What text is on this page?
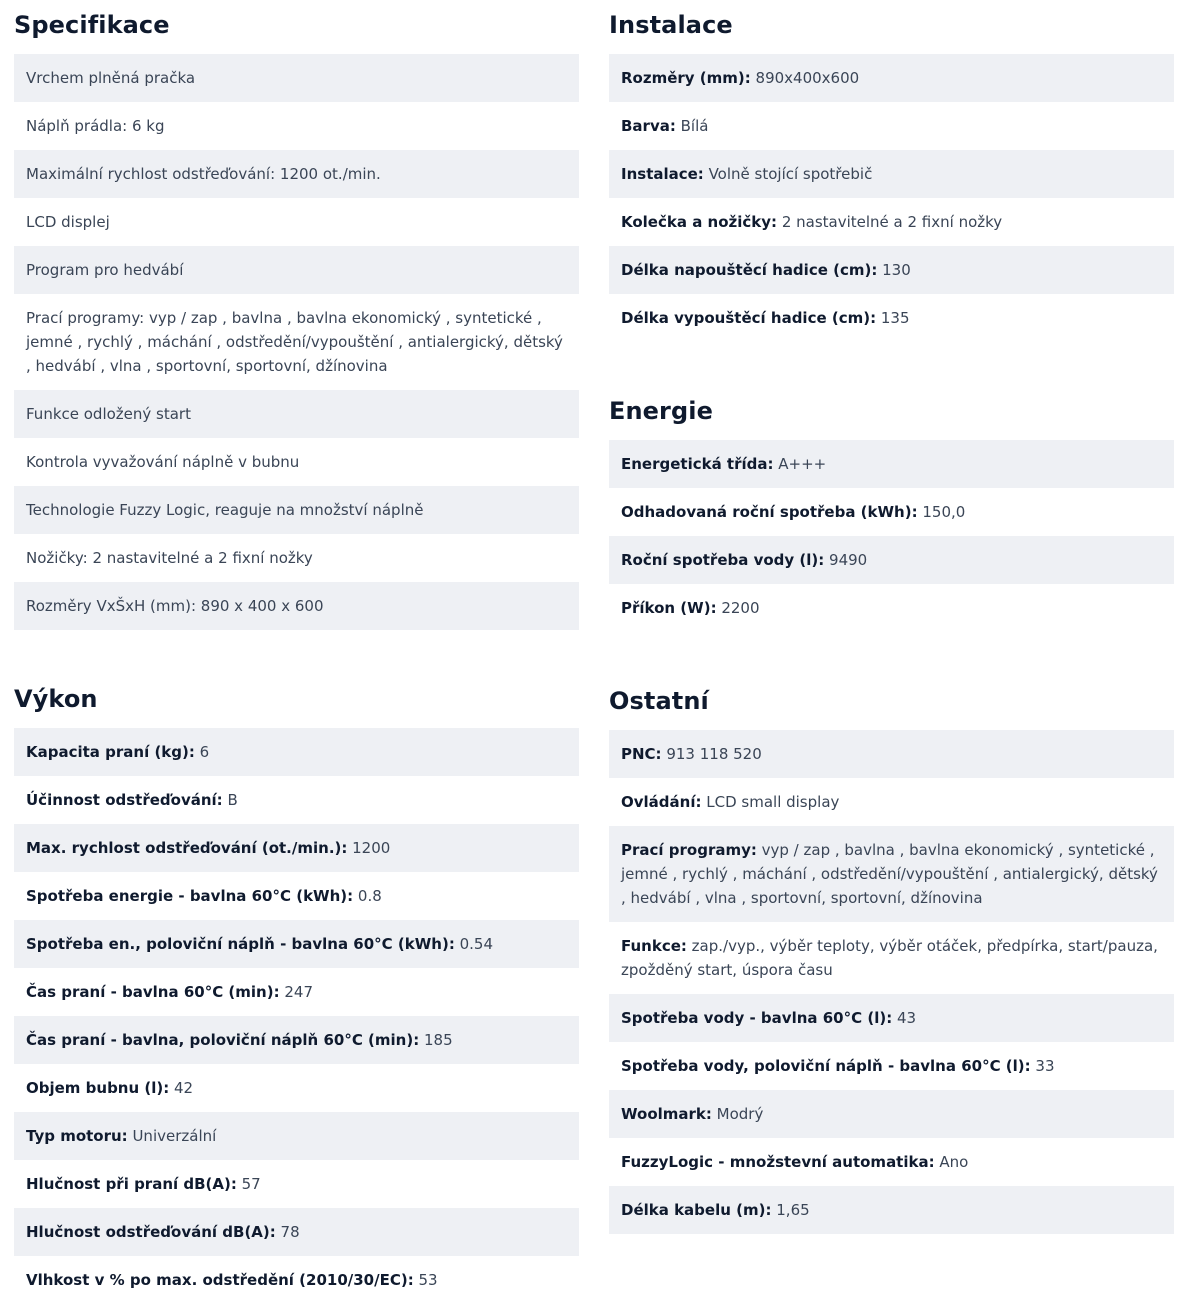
Specifikace
Vrchem plněná pračka
Náplň prádla: 6 kg
Maximální rychlost odstřeďování: 1200 ot./min.
LCD displej
Program pro hedvábí
Prací programy: vyp / zap , bavlna , bavlna ekonomický , syntetické , jemné , rychlý , máchání , odstředění/vypouštění , antialergický, dětský , hedvábí , vlna , sportovní, sportovní, džínovina
Funkce odložený start
Kontrola vyvažování náplně v bubnu
Technologie Fuzzy Logic, reaguje na množství náplně
Nožičky: 2 nastavitelné a 2 fixní nožky
Rozměry VxŠxH (mm): 890 x 400 x 600
Výkon
Kapacita praní (kg): 6
Účinnost odstřeďování: B
Max. rychlost odstřeďování (ot./min.): 1200
Spotřeba energie - bavlna 60°C (kWh): 0.8
Spotřeba en., poloviční náplň - bavlna 60°C (kWh): 0.54
Čas praní - bavlna 60°C (min): 247
Čas praní - bavlna, poloviční náplň 60°C (min): 185
Objem bubnu (l): 42
Typ motoru: Univerzální
Hlučnost při praní dB(A): 57
Hlučnost odstřeďování dB(A): 78
Vlhkost v % po max. odstředění (2010/30/EC): 53
Instalace
Rozměry (mm): 890x400x600
Barva: Bílá
Instalace: Volně stojící spotřebič
Kolečka a nožičky: 2 nastavitelné a 2 fixní nožky
Délka napouštěcí hadice (cm): 130
Délka vypouštěcí hadice (cm): 135
Energie
Energetická třída: A+++
Odhadovaná roční spotřeba (kWh): 150,0
Roční spotřeba vody (l): 9490
Příkon (W): 2200
Ostatní
PNC: 913 118 520
Ovládání: LCD small display
Prací programy: vyp / zap , bavlna , bavlna ekonomický , syntetické , jemné , rychlý , máchání , odstředění/vypouštění , antialergický, dětský , hedvábí , vlna , sportovní, sportovní, džínovina
Funkce: zap./vyp., výběr teploty, výběr otáček, předpírka, start/pauza, zpožděný start, úspora času
Spotřeba vody - bavlna 60°C (l): 43
Spotřeba vody, poloviční náplň - bavlna 60°C (l): 33
Woolmark: Modrý
FuzzyLogic - množstevní automatika: Ano
Délka kabelu (m): 1,65
